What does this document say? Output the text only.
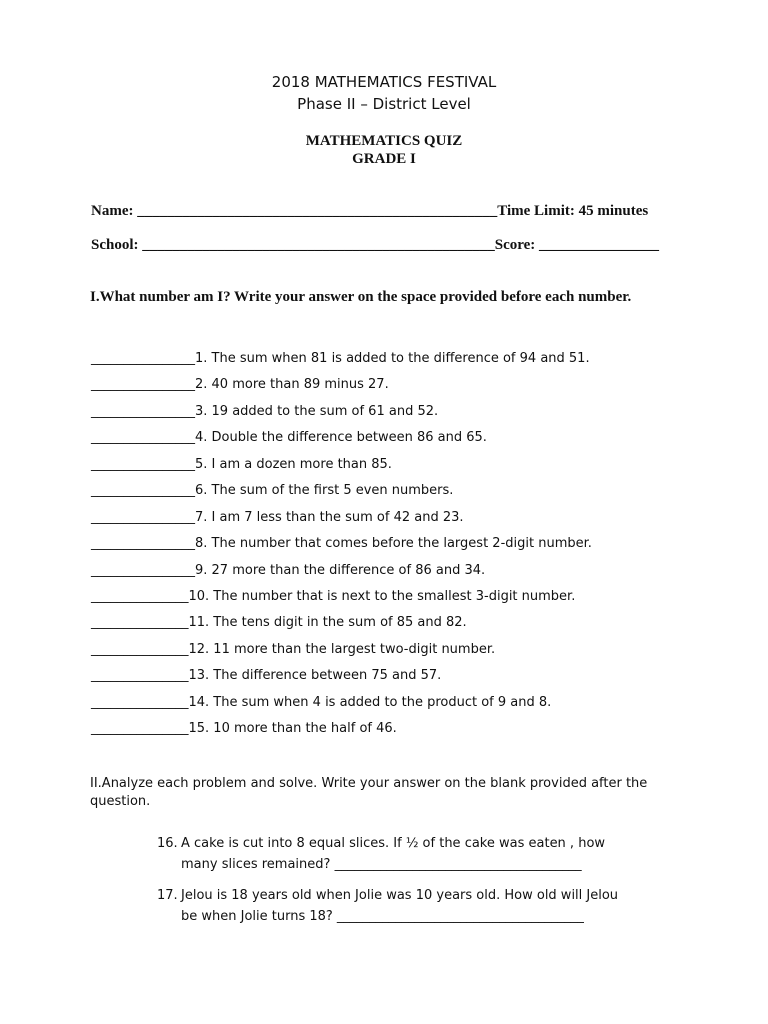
2018 MATHEMATICS FESTIVAL
Phase II – District Level
MATHEMATICS QUIZ
GRADE I
Name: ________________________________________________Time Limit: 45 minutes
School: _______________________________________________Score: ________________
I.What number am I? Write your answer on the space provided before each number.
________________1. The sum when 81 is added to the difference of 94 and 51.
________________2. 40 more than 89 minus 27.
________________3. 19 added to the sum of 61 and 52.
________________4. Double the difference between 86 and 65.
________________5. I am a dozen more than 85.
________________6. The sum of the first 5 even numbers.
________________7. I am 7 less than the sum of 42 and 23.
________________8. The number that comes before the largest 2-digit number.
________________9. 27 more than the difference of 86 and 34.
_______________10. The number that is next to the smallest 3-digit number.
_______________11. The tens digit in the sum of 85 and 82.
_______________12. 11 more than the largest two-digit number.
_______________13. The difference between 75 and 57.
_______________14. The sum when 4 is added to the product of 9 and 8.
_______________15. 10 more than the half of 46.
II.Analyze each problem and solve. Write your answer on the blank provided after the question.
16. A cake is cut into 8 equal slices. If ½ of the cake was eaten , how
many slices remained? ______________________________________
17. Jelou is 18 years old when Jolie was 10 years old. How old will Jelou
be when Jolie turns 18? ______________________________________
